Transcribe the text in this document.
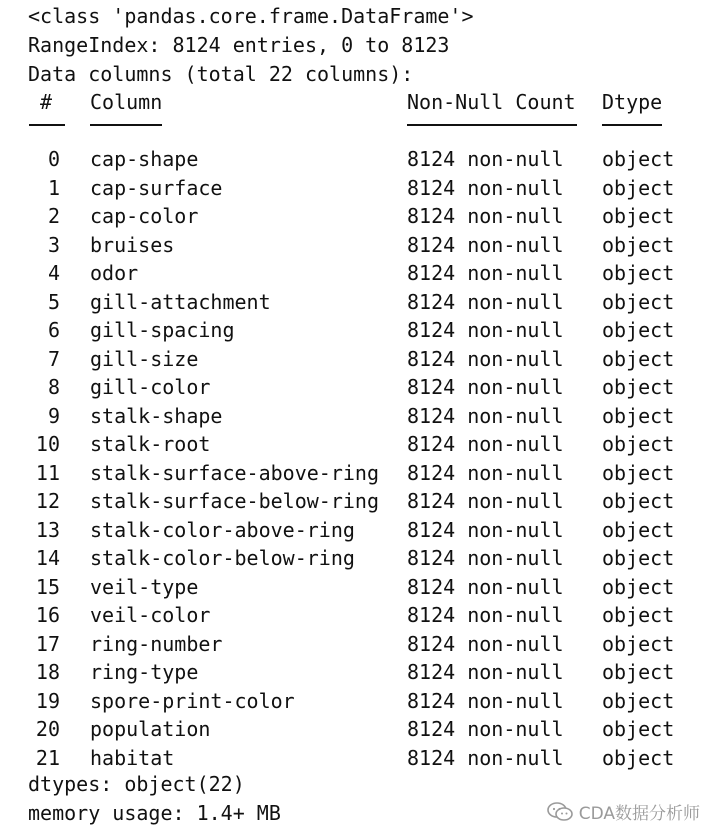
<class 'pandas.core.frame.DataFrame'>
RangeIndex: 8124 entries, 0 to 8123
Data columns (total 22 columns):
# Column	Non-Null Count Dtype
0 cap-shape	8124 non-null object
1 cap-surface	8124 non-null object
2 cap-color	8124 non-null object
3 bruises	8124 non-null object
4 odor	8124 non-null object
5 gill-attachment	8124 non-null object
6 gill-spacing	8124 non-null object
7 gill-size	8124 non-null object
8 gill-color	8124 non-null object
9 stalk-shape	8124 non-null object
10 stalk-root	8124 non-null object
11 stalk-surface-above-ring 8124 non-null object
12 stalk-surface-below-ring 8124 non-null object
13 stalk-color-above-ring	8124 non-null object
14 stalk-color-below-ring	8124 non-null object
15 veil-type	8124 non-null object
16 veil-color	8124 non-null object
17 ring-number	8124 non-null object
18 ring-type	8124 non-null object
19 spore-print-color	8124 non-null object
20 population	8124 non-null object
21 habitat	8124 non-null object
dtypes: object(22)
memory usage: 1.4+ MB	CDA数据分析师
